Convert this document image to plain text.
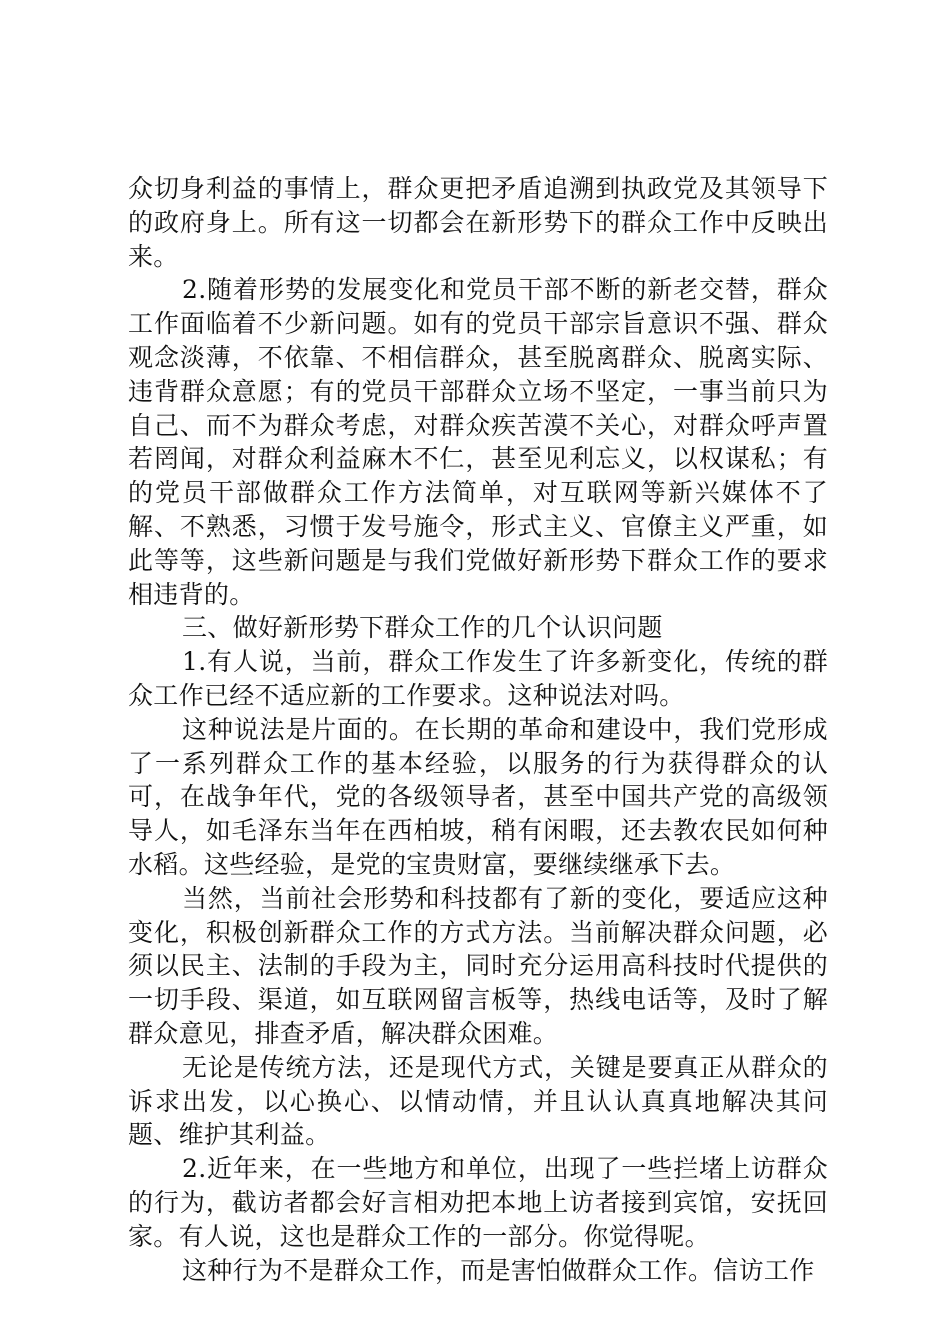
众切身利益的事情上，群众更把矛盾追溯到执政党及其领导下的政府身上。所有这一切都会在新形势下的群众工作中反映出来。

2.随着形势的发展变化和党员干部不断的新老交替，群众工作面临着不少新问题。如有的党员干部宗旨意识不强、群众观念淡薄，不依靠、不相信群众，甚至脱离群众、脱离实际、违背群众意愿；有的党员干部群众立场不坚定，一事当前只为自己、而不为群众考虑，对群众疾苦漠不关心，对群众呼声置若罔闻，对群众利益麻木不仁，甚至见利忘义，以权谋私；有的党员干部做群众工作方法简单，对互联网等新兴媒体不了解、不熟悉，习惯于发号施令，形式主义、官僚主义严重，如此等等，这些新问题是与我们党做好新形势下群众工作的要求相违背的。

三、做好新形势下群众工作的几个认识问题

1.有人说，当前，群众工作发生了许多新变化，传统的群众工作已经不适应新的工作要求。这种说法对吗。

这种说法是片面的。在长期的革命和建设中，我们党形成了一系列群众工作的基本经验，以服务的行为获得群众的认可，在战争年代，党的各级领导者，甚至中国共产党的高级领导人，如毛泽东当年在西柏坡，稍有闲暇，还去教农民如何种水稻。这些经验，是党的宝贵财富，要继续继承下去。

当然，当前社会形势和科技都有了新的变化，要适应这种变化，积极创新群众工作的方式方法。当前解决群众问题，必须以民主、法制的手段为主，同时充分运用高科技时代提供的一切手段、渠道，如互联网留言板等，热线电话等，及时了解群众意见，排查矛盾，解决群众困难。

无论是传统方法，还是现代方式，关键是要真正从群众的诉求出发，以心换心、以情动情，并且认认真真地解决其问题、维护其利益。

2.近年来，在一些地方和单位，出现了一些拦堵上访群众的行为，截访者都会好言相劝把本地上访者接到宾馆，安抚回家。有人说，这也是群众工作的一部分。你觉得呢。

这种行为不是群众工作，而是害怕做群众工作。信访工作
